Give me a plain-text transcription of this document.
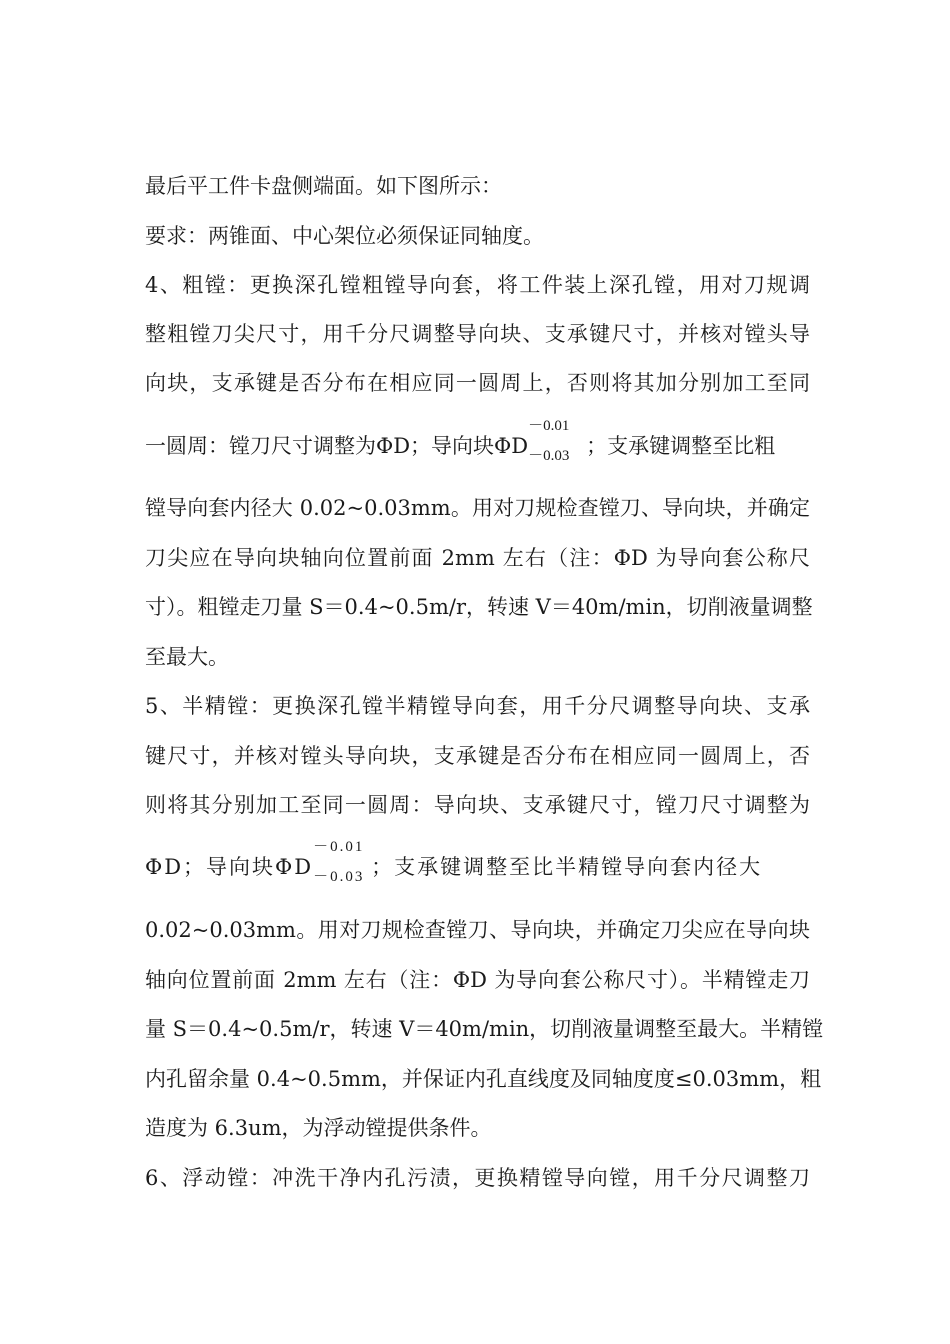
最后平工件卡盘侧端面。如下图所示：
要求：两锥面、中心架位必须保证同轴度。
4、粗镗：更换深孔镗粗镗导向套，将工件装上深孔镗，用对刀规调
整粗镗刀尖尺寸，用千分尺调整导向块、支承键尺寸，并核对镗头导
向块，支承键是否分布在相应同一圆周上，否则将其加分别加工至同
一圆周：镗刀尺寸调整为ΦD；导向块ΦD
－0.01
－0.03 ；支承键调整至比粗
镗导向套内径大 0.02~0.03mm。用对刀规检查镗刀、导向块，并确定
刀尖应在导向块轴向位置前面 2mm 左右（注：ΦD 为导向套公称尺
寸）。粗镗走刀量 S＝0.4~0.5m/r，转速 V＝40m/min，切削液量调整
至最大。
5、半精镗：更换深孔镗半精镗导向套，用千分尺调整导向块、支承
键尺寸，并核对镗头导向块，支承键是否分布在相应同一圆周上，否
则将其分别加工至同一圆周：导向块、支承键尺寸，镗刀尺寸调整为
ΦD；导向块ΦD
－0.01
－0.03 ；支承键调整至比半精镗导向套内径大
0.02~0.03mm。用对刀规检查镗刀、导向块，并确定刀尖应在导向块
轴向位置前面 2mm 左右（注：ΦD 为导向套公称尺寸）。半精镗走刀
量 S＝0.4~0.5m/r，转速 V＝40m/min，切削液量调整至最大。半精镗
内孔留余量 0.4~0.5mm，并保证内孔直线度及同轴度度≤0.03mm，粗
造度为 6.3um，为浮动镗提供条件。
6、浮动镗：冲洗干净内孔污渍，更换精镗导向镗，用千分尺调整刀
